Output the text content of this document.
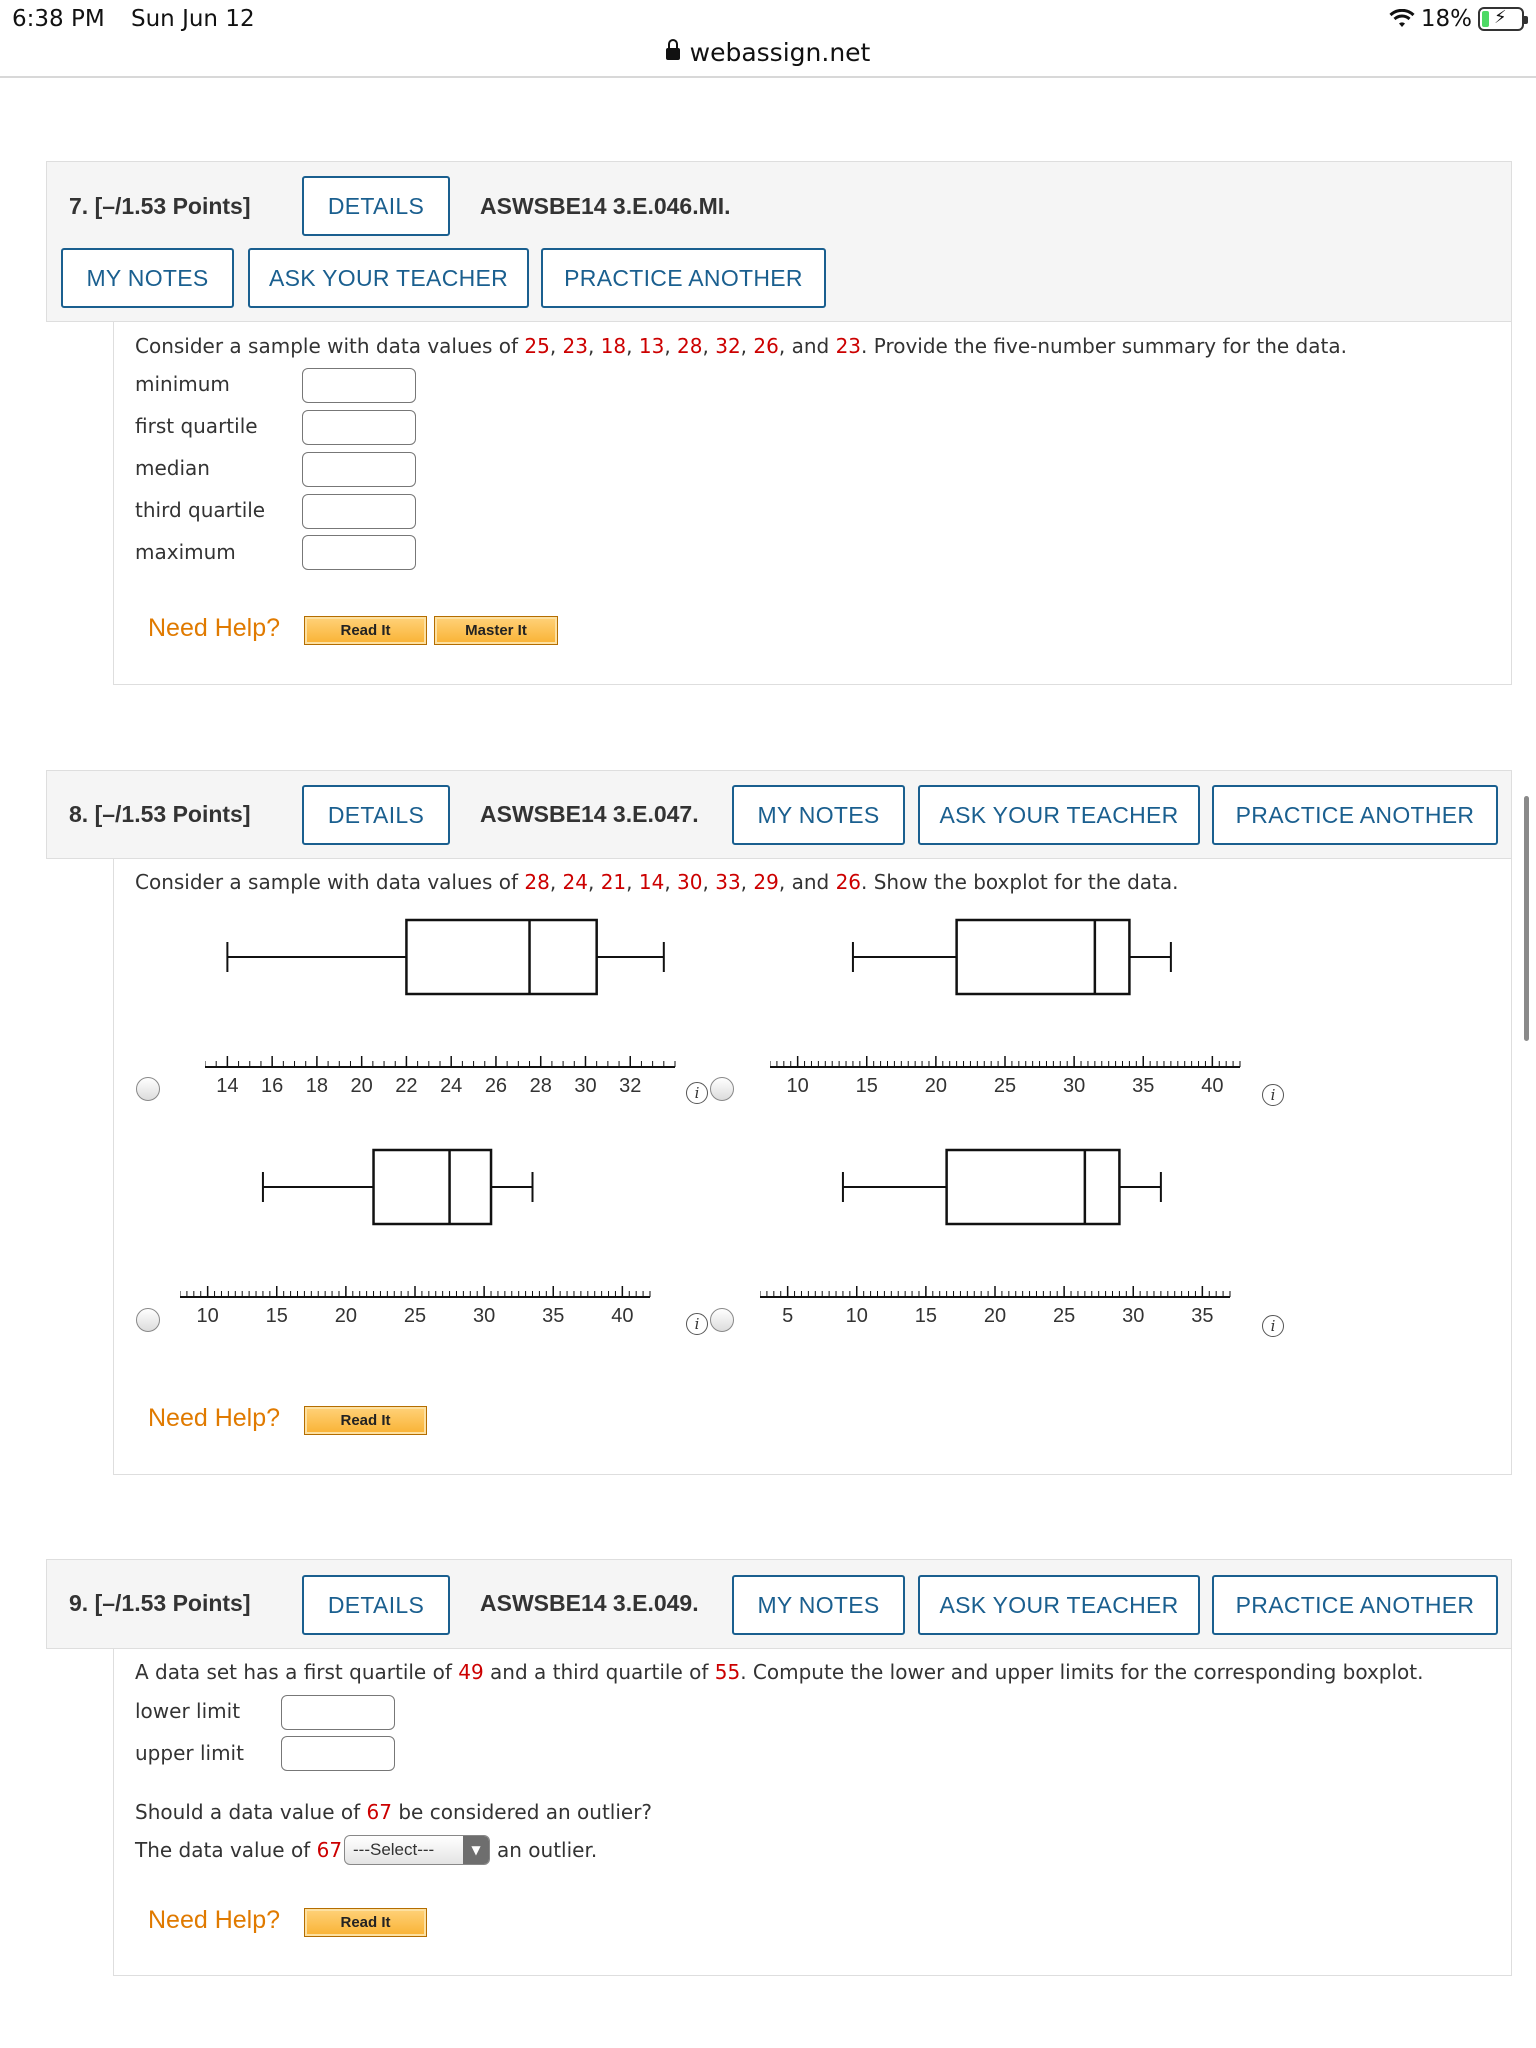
6:38 PM Sun Jun 12	18% ⚡
webassign.net
7. [–/1.53 Points]	DETAILS	ASWSBE14 3.E.046.MI.
MY NOTES	ASK YOUR TEACHER	PRACTICE ANOTHER
Consider a sample with data values of 25, 23, 18, 13, 28, 32, 26, and 23. Provide the five-number summary for the data.
minimum
first quartile
median
third quartile
maximum
Need Help?	Read It	Master It
8. [–/1.53 Points]	DETAILS	ASWSBE14 3.E.047.	MY NOTES	ASK YOUR TEACHER	PRACTICE ANOTHER
Consider a sample with data values of 28, 24, 21, 14, 30, 33, 29, and 26. Show the boxplot for the data.
14 16 18 20 22 24 26 28 30 32	i	10 15 20 25 30 35 40	i
10 15 20 25 30 35 40	i	5	10 15 20 25 30 35	i
Need Help?	Read It
9. [–/1.53 Points]	DETAILS	ASWSBE14 3.E.049.	MY NOTES	ASK YOUR TEACHER	PRACTICE ANOTHER
A data set has a first quartile of 49 and a third quartile of 55. Compute the lower and upper limits for the corresponding boxplot.
lower limit
upper limit
Should a data value of 67 be considered an outlier?
The data value of 67 ---Select---	▼ an outlier.
Need Help?	Read It
